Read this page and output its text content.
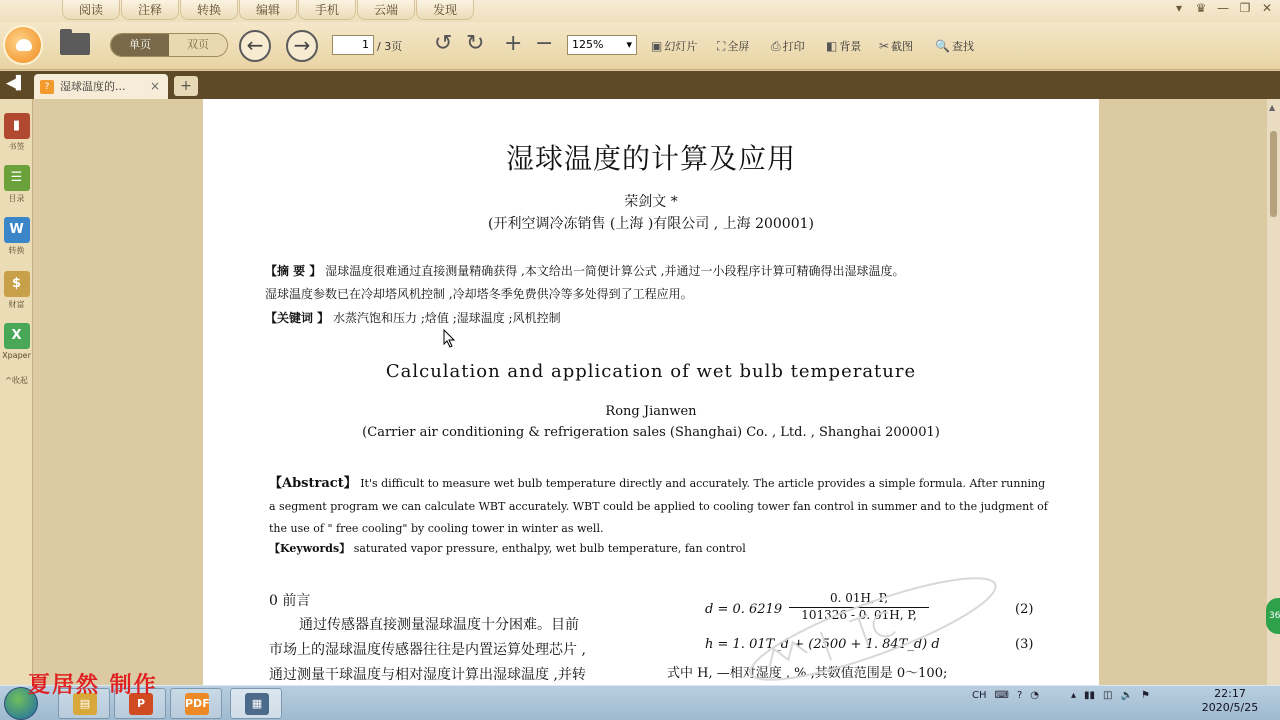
阅读	注释	转换	编辑	手机	云端	发现	▾	♛ — ❐ ✕
单页	双页	←	→	1 / 3页 ↺ ↻ + −	125% ▾	▣ 幻灯片 ⛶ 全屏 ⎙ 打印 ◧ 背景 ✂ 截图 🔍 查找
◀▌	? 湿球温度的... ×	+
▮
书签
☰
目录
W
转换
$
财富
X
Xpaper
^收起
湿球温度的计算及应用
荣剑文 *
(开利空调冷冻销售 (上海 )有限公司 , 上海 200001)
【摘 要 】 湿球温度很难通过直接测量精确获得 ,本文给出一简便计算公式 ,并通过一小段程序计算可精确得出湿球温度。
湿球温度参数已在冷却塔风机控制 ,冷却塔冬季免费供冷等多处得到了工程应用。
【关键词 】 水蒸汽饱和压力 ;焓值 ;湿球温度 ;风机控制
Calculation and application of wet bulb temperature
Rong Jianwen
(Carrier air conditioning & refrigeration sales (Shanghai) Co. , Ltd. , Shanghai 200001)
【Abstract】 It's difficult to measure wet bulb temperature directly and accurately. The article provides a simple formula. After running a segment program we can calculate WBT accurately. WBT could be applied to cooling tower fan control in summer and to the judgment of the use of " free cooling" by cooling tower in winter as well.
【Keywords】 saturated vapor pressure, enthalpy, wet bulb temperature, fan control
0 前言
通过传感器直接测量湿球温度十分困难。目前
市场上的湿球温度传感器往往是内置运算处理芯片 ,
通过测量干球温度与相对湿度计算出湿球温度 ,并转
d = 0. $6219 \frac{0. 01H, P,}{101326 - 0. 01H, P,}$	(2)
h = 1. 01T_d + (2500 + 1. 84T_d) d	(3)
式中 H, —相对湿度 , % ,其数值范围是 0～100;
▲
36
▤	P	PDF	▦
夏居然 制作	CH ⌨ ? ◔	▴ ▮▮ ◫ 🔈 ⚑	22:17
2020/5/25
